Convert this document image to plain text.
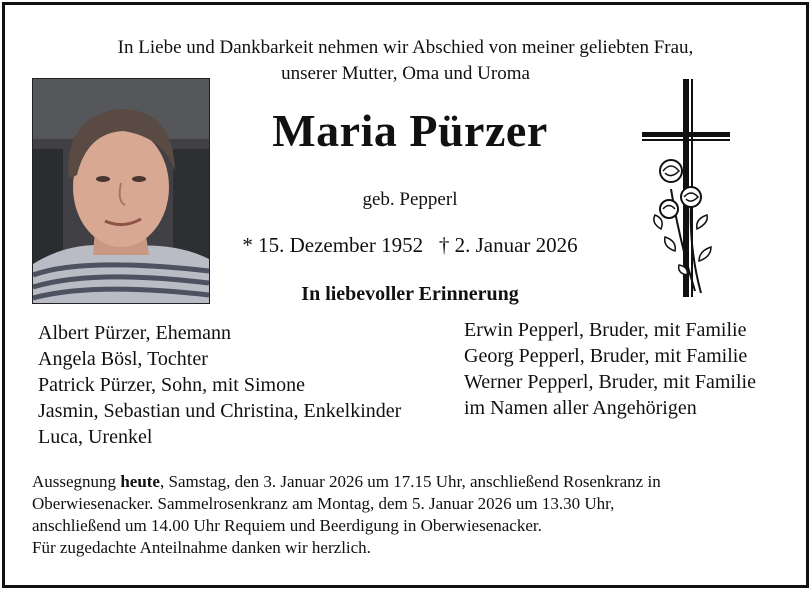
In Liebe und Dankbarkeit nehmen wir Abschied von meiner geliebten Frau,

unserer Mutter, Oma und Uroma

Maria Pürzer

geb. Pepperl

* 15. Dezember 1952 † 2. Januar 2026

In liebevoller Erinnerung

Albert Pürzer, Ehemann
Angela Bösl, Tochter
Patrick Pürzer, Sohn, mit Simone
Jasmin, Sebastian und Christina, Enkelkinder
Luca, Urenkel
Erwin Pepperl, Bruder, mit Familie
Georg Pepperl, Bruder, mit Familie
Werner Pepperl, Bruder, mit Familie
im Namen aller Angehörigen
Aussegnung heute, Samstag, den 3. Januar 2026 um 17.15 Uhr, anschließend Rosenkranz in
Oberwiesenacker. Sammelrosenkranz am Montag, dem 5. Januar 2026 um 13.30 Uhr,
anschließend um 14.00 Uhr Requiem und Beerdigung in Oberwiesenacker.
Für zugedachte Anteilnahme danken wir herzlich.
